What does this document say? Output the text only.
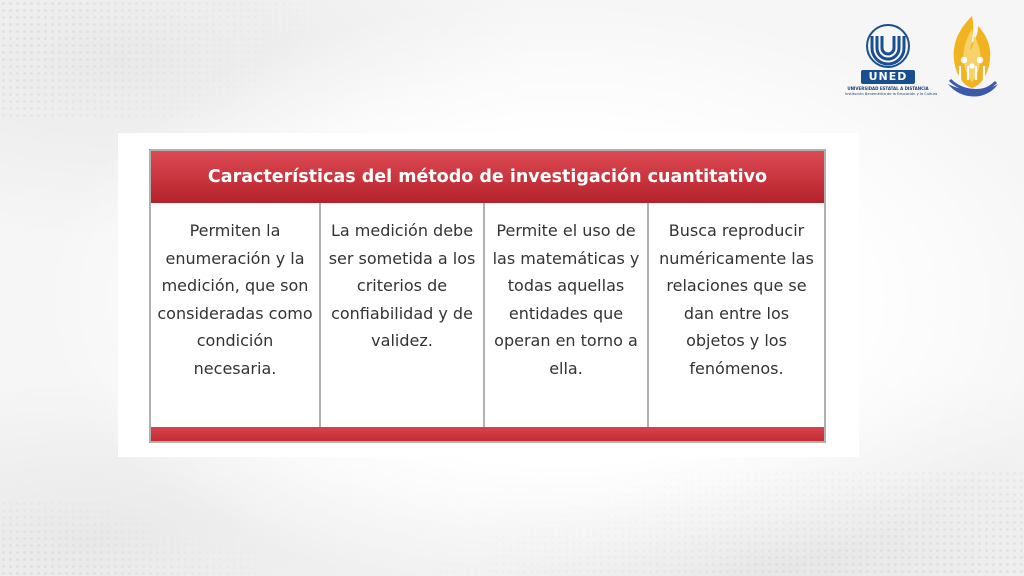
UNED
UNIVERSIDAD ESTATAL A DISTANCIA
Institución Benemérita de la Educación y la Cultura
Características del método de investigación cuantitativo
Permiten la enumeración y la medición, que son consideradas como condición necesaria.
La medición debe ser sometida a los criterios de confiabilidad y de validez.
Permite el uso de las matemáticas y todas aquellas entidades que operan en torno a ella.
Busca reproducir numéricamente las relaciones que se dan entre los objetos y los fenómenos.
